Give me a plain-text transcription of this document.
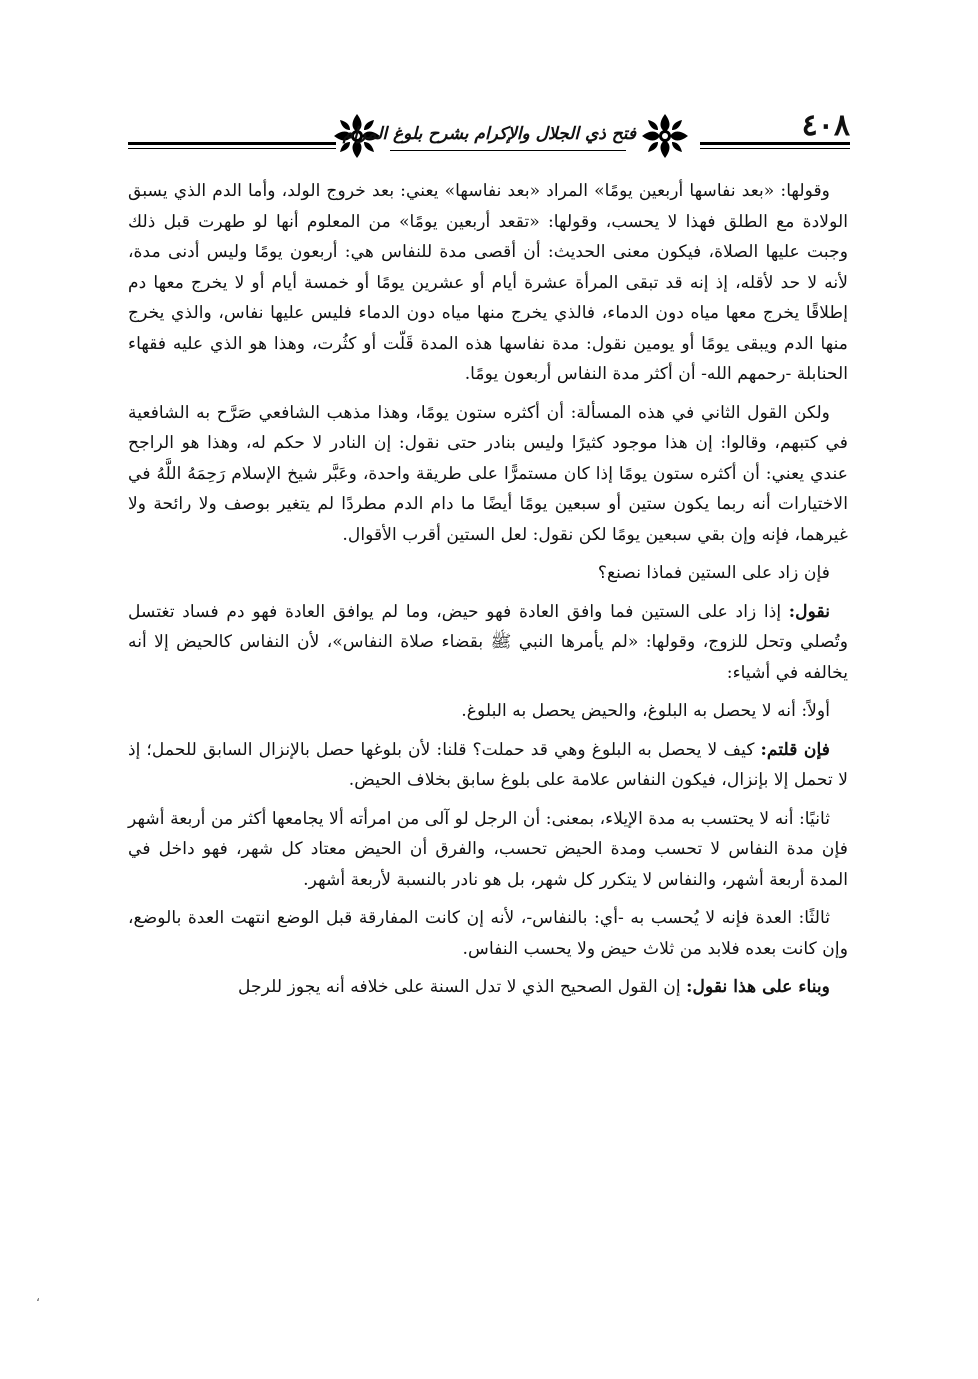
فتح ذي الجلال والإكرام بشرح بلوغ المرام	٤٠٨

وقولها: «بعد نفاسها أربعين يومًا» المراد «بعد نفاسها» يعني: بعد خروج الولد، وأما الدم الذي يسبق الولادة مع الطلق فهذا لا يحسب، وقولها: «تقعد أربعين يومًا» من المعلوم أنها لو طهرت قبل ذلك وجبت عليها الصلاة، فيكون معنى الحديث: أن أقصى مدة للنفاس هي: أربعون يومًا وليس أدنى مدة، لأنه لا حد لأقله، إذ إنه قد تبقى المرأة عشرة أيام أو عشرين يومًا أو خمسة أيام أو لا يخرج معها دم إطلاقًا يخرج معها مياه دون الدماء، فالذي يخرج منها مياه دون الدماء فليس عليها نفاس، والذي يخرج منها الدم ويبقى يومًا أو يومين نقول: مدة نفاسها هذه المدة قَلّت أو كثُرت، وهذا هو الذي عليه فقهاء الحنابلة -رحمهم الله- أن أكثر مدة النفاس أربعون يومًا.

ولكن القول الثاني في هذه المسألة: أن أكثره ستون يومًا، وهذا مذهب الشافعي صَرَّح به الشافعية في كتبهم، وقالوا: إن هذا موجود كثيرًا وليس بنادر حتى نقول: إن النادر لا حكم له، وهذا هو الراجح عندي يعني: أن أكثره ستون يومًا إذا كان مستمرًّا على طريقة واحدة، وعَبَّر شيخ الإسلام رَحِمَهُ اللَّهُ في الاختيارات أنه ربما يكون ستين أو سبعين يومًا أيضًا ما دام الدم مطردًا لم يتغير بوصف ولا رائحة ولا غيرهما، فإنه وإن بقي سبعين يومًا لكن نقول: لعل الستين أقرب الأقوال.

فإن زاد على الستين فماذا نصنع؟

نقول: إذا زاد على الستين فما وافق العادة فهو حيض، وما لم يوافق العادة فهو دم فساد تغتسل وتُصلي وتحل للزوج، وقولها: «لم يأمرها النبي ﷺ بقضاء صلاة النفاس»، لأن النفاس كالحيض إلا أنه يخالفه في أشياء:

أولاً: أنه لا يحصل به البلوغ، والحيض يحصل به البلوغ.

فإن قلتم: كيف لا يحصل به البلوغ وهي قد حملت؟ قلنا: لأن بلوغها حصل بالإنزال السابق للحمل؛ إذ لا تحمل إلا بإنزال، فيكون النفاس علامة على بلوغ سابق بخلاف الحيض.

ثانيًا: أنه لا يحتسب به مدة الإيلاء، بمعنى: أن الرجل لو آلى من امرأته ألا يجامعها أكثر من أربعة أشهر فإن مدة النفاس لا تحسب ومدة الحيض تحسب، والفرق أن الحيض معتاد كل شهر، فهو داخل في المدة أربعة أشهر، والنفاس لا يتكرر كل شهر، بل هو نادر بالنسبة لأربعة أشهر.

ثالثًا: العدة فإنه لا يُحسب به -أي: بالنفاس-، لأنه إن كانت المفارقة قبل الوضع انتهت العدة بالوضع، وإن كانت بعده فلابد من ثلاث حيض ولا يحسب النفاس.

وبناء على هذا نقول: إن القول الصحيح الذي لا تدل السنة على خلافه أنه يجوز للرجل

،
